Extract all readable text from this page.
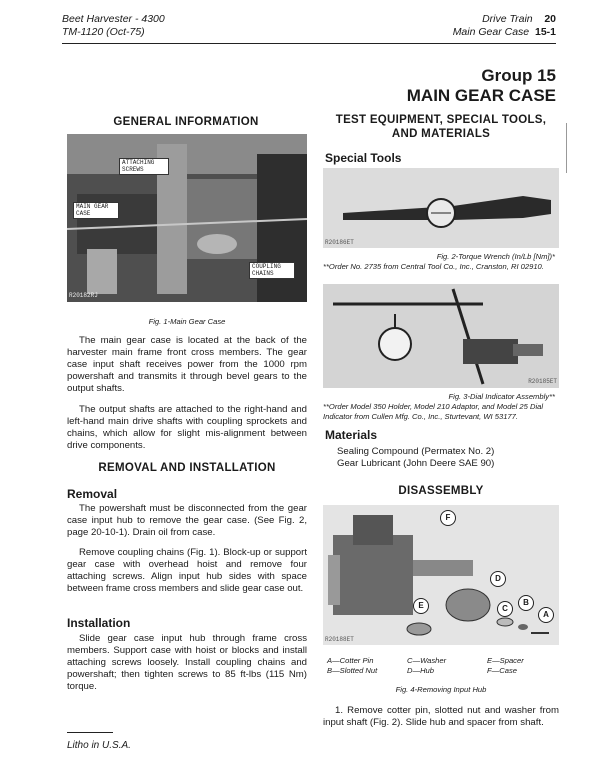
Beet Harvester - 4300
TM-1120 (Oct-75)
Drive Train 20
Main Gear Case 15-1
Group 15
MAIN GEAR CASE
GENERAL INFORMATION
ATTACHING SCREWS
MAIN GEAR CASE
COUPLING CHAINS
R20182RJ
Fig. 1-Main Gear Case
The main gear case is located at the back of the harvester main frame front cross members. The gear case input shaft receives power from the 1000 rpm powershaft and transmits it through bevel gears to the output shafts.
The output shafts are attached to the right-hand and left-hand main drive shafts with coupling sprockets and chains, which allow for slight mis-alignment between drive components.
REMOVAL AND INSTALLATION
Removal
The powershaft must be disconnected from the gear case input hub to remove the gear case. (See Fig. 2, page 20-10-1). Drain oil from case.
Remove coupling chains (Fig. 1). Block-up or support gear case with overhead hoist and remove four attaching screws. Align input hub sides with space between frame cross members and slide gear case out.
Installation
Slide gear case input hub through frame cross members. Support case with hoist or blocks and install attaching screws loosely. Install coupling chains and powershaft; then tighten screws to 85 ft-lbs (115 Nm) torque.
Litho in U.S.A.
TEST EQUIPMENT, SPECIAL TOOLS, AND MATERIALS
Special Tools
R20186ET
Fig. 2-Torque Wrench (In/Lb [Nm])*
**Order No. 2735 from Central Tool Co., Inc., Cranston, RI 02910.
R20185ET
Fig. 3-Dial Indicator Assembly**
**Order Model 350 Holder, Model 210 Adaptor, and Model 25 Dial Indicator from Cullen Mfg. Co., Inc., Sturtevant, WI 53177.
Materials
Sealing Compound (Permatex No. 2)
Gear Lubricant (John Deere SAE 90)
DISASSEMBLY
F
D
E	C
B
A
R20188ET
A—Cotter Pin	C—Washer	E—Spacer
B—Slotted Nut	D—Hub	F—Case
Fig. 4-Removing Input Hub
1. Remove cotter pin, slotted nut and washer from input shaft (Fig. 2). Slide hub and spacer from shaft.
